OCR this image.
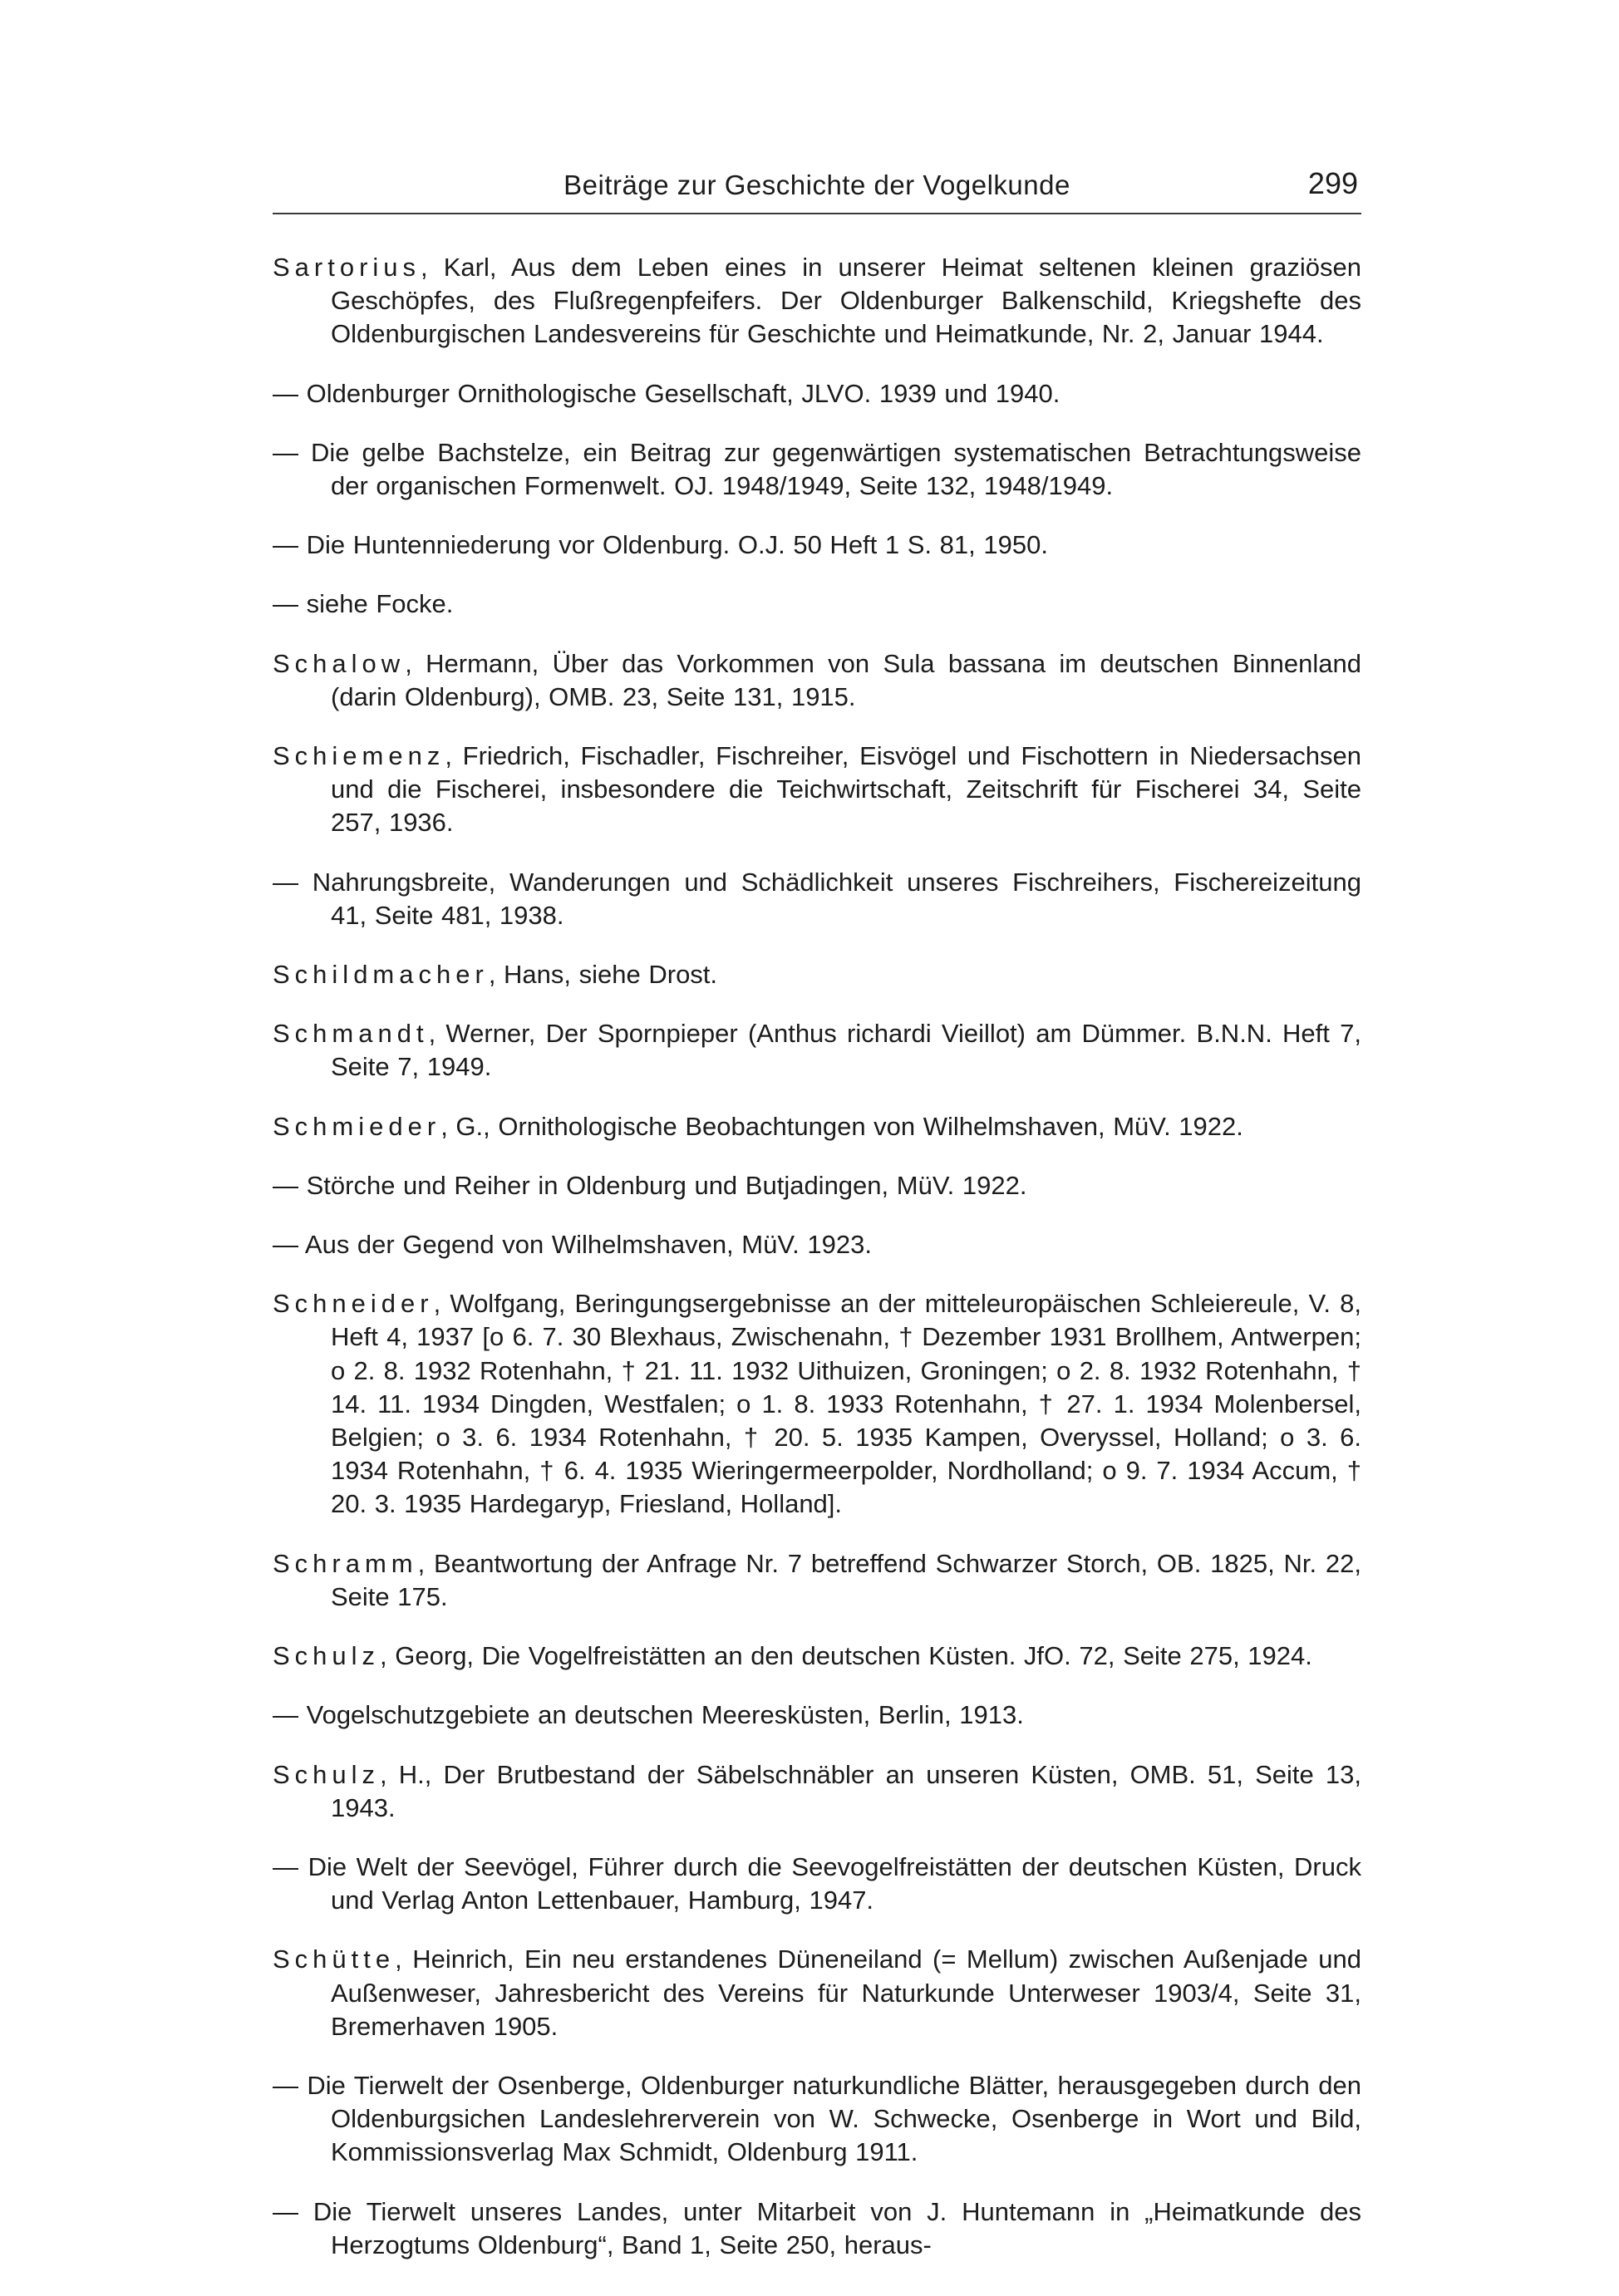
Beiträge zur Geschichte der Vogelkunde	299

Sartorius, Karl, Aus dem Leben eines in unserer Heimat seltenen kleinen graziösen Geschöpfes, des Flußregenpfeifers. Der Oldenburger Balkenschild, Kriegshefte des Oldenburgischen Landesvereins für Geschichte und Heimatkunde, Nr. 2, Januar 1944.

— Oldenburger Ornithologische Gesellschaft, JLVO. 1939 und 1940.

— Die gelbe Bachstelze, ein Beitrag zur gegenwärtigen systematischen Betrachtungsweise der organischen Formenwelt. OJ. 1948/1949, Seite 132, 1948/1949.

— Die Huntenniederung vor Oldenburg. O.J. 50 Heft 1 S. 81, 1950.

— siehe Focke.

Schalow, Hermann, Über das Vorkommen von Sula bassana im deutschen Binnenland (darin Oldenburg), OMB. 23, Seite 131, 1915.

Schiemenz, Friedrich, Fischadler, Fischreiher, Eisvögel und Fischottern in Niedersachsen und die Fischerei, insbesondere die Teichwirtschaft, Zeitschrift für Fischerei 34, Seite 257, 1936.

— Nahrungsbreite, Wanderungen und Schädlichkeit unseres Fischreihers, Fischereizeitung 41, Seite 481, 1938.

Schildmacher, Hans, siehe Drost.

Schmandt, Werner, Der Spornpieper (Anthus richardi Vieillot) am Dümmer. B.N.N. Heft 7, Seite 7, 1949.

Schmieder, G., Ornithologische Beobachtungen von Wilhelmshaven, MüV. 1922.

— Störche und Reiher in Oldenburg und Butjadingen, MüV. 1922.

— Aus der Gegend von Wilhelmshaven, MüV. 1923.

Schneider, Wolfgang, Beringungsergebnisse an der mitteleuropäischen Schleiereule, V. 8, Heft 4, 1937 [o 6. 7. 30 Blexhaus, Zwischenahn, † Dezember 1931 Brollhem, Antwerpen; o 2. 8. 1932 Rotenhahn, † 21. 11. 1932 Uithuizen, Groningen; o 2. 8. 1932 Rotenhahn, † 14. 11. 1934 Dingden, Westfalen; o 1. 8. 1933 Rotenhahn, † 27. 1. 1934 Molenbersel, Belgien; o 3. 6. 1934 Rotenhahn, † 20. 5. 1935 Kampen, Overyssel, Holland; o 3. 6. 1934 Rotenhahn, † 6. 4. 1935 Wieringermeerpolder, Nordholland; o 9. 7. 1934 Accum, † 20. 3. 1935 Hardegaryp, Friesland, Holland].

Schramm, Beantwortung der Anfrage Nr. 7 betreffend Schwarzer Storch, OB. 1825, Nr. 22, Seite 175.

Schulz, Georg, Die Vogelfreistätten an den deutschen Küsten. JfO. 72, Seite 275, 1924.

— Vogelschutzgebiete an deutschen Meeresküsten, Berlin, 1913.

Schulz, H., Der Brutbestand der Säbelschnäbler an unseren Küsten, OMB. 51, Seite 13, 1943.

— Die Welt der Seevögel, Führer durch die Seevogelfreistätten der deutschen Küsten, Druck und Verlag Anton Lettenbauer, Hamburg, 1947.

Schütte, Heinrich, Ein neu erstandenes Düneneiland (= Mellum) zwischen Außenjade und Außenweser, Jahresbericht des Vereins für Naturkunde Unterweser 1903/4, Seite 31, Bremerhaven 1905.

— Die Tierwelt der Osenberge, Oldenburger naturkundliche Blätter, herausgegeben durch den Oldenburgsichen Landeslehrerverein von W. Schwecke, Osenberge in Wort und Bild, Kommissionsverlag Max Schmidt, Oldenburg 1911.

— Die Tierwelt unseres Landes, unter Mitarbeit von J. Huntemann in „Heimatkunde des Herzogtums Oldenburg“, Band 1, Seite 250, heraus-
